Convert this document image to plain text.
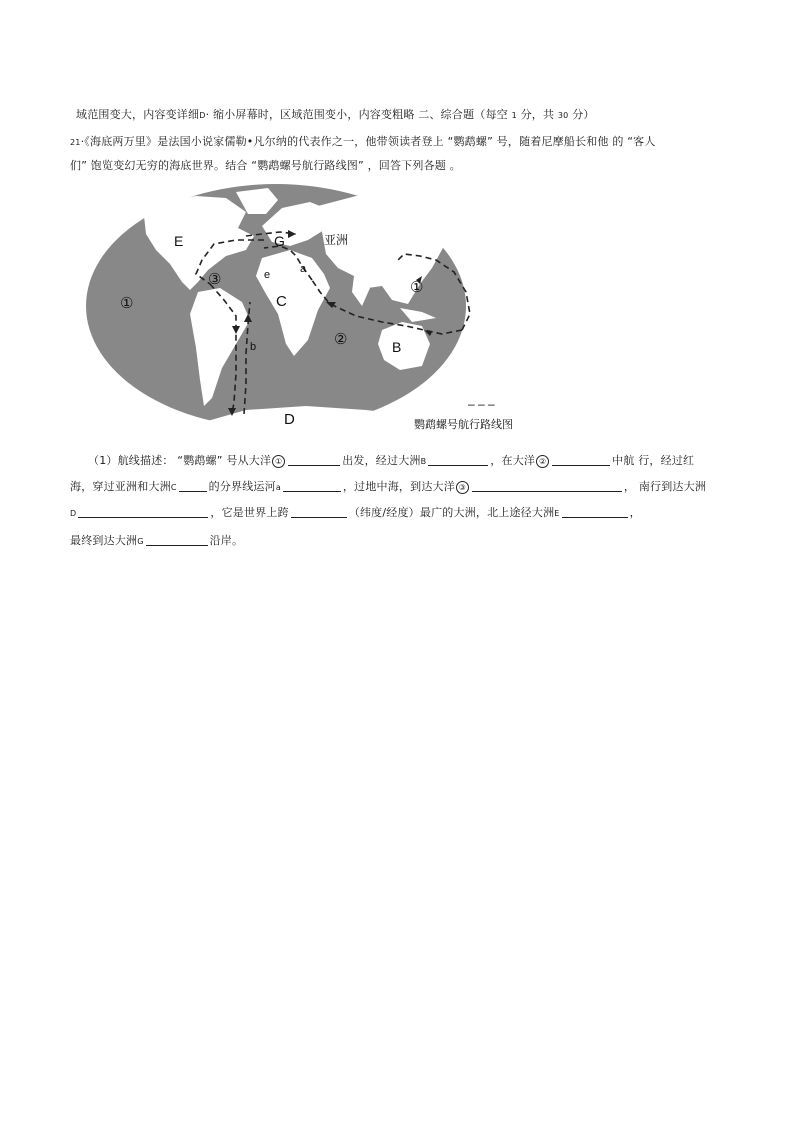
域范围变大，内容变详细D· 缩小屏幕时，区域范围变小，内容变粗略 二、综合题（每空 1 分，共 30 分）
21·《海底两万里》是法国小说家儒勒•凡尔纳的代表作之一，他带领读者登上 “鹦鹉螺” 号，随着尼摩船长和他 的 “客人
们” 饱览变幻无穷的海底世界。结合 “鹦鹉螺号航行路线图” ，回答下列各题 。
E	G	亚洲
a
e
C
③
①
①
②	B
b
D
– – –
鹦鹉螺号航行路线图
（1）航线描述： “鹦鹉螺” 号从大洋 ①	出发，经过大洲B	，在大洋 ②	中航 行，经过红
海，穿过亚洲和大洲C	的分界线运河a	，过地中海，到达大洋 ③	， 南行到达大洲
D	，它是世界上跨	（纬度/经度）最广的大洲，北上途径大洲E	，
最终到达大洲G	沿岸。
